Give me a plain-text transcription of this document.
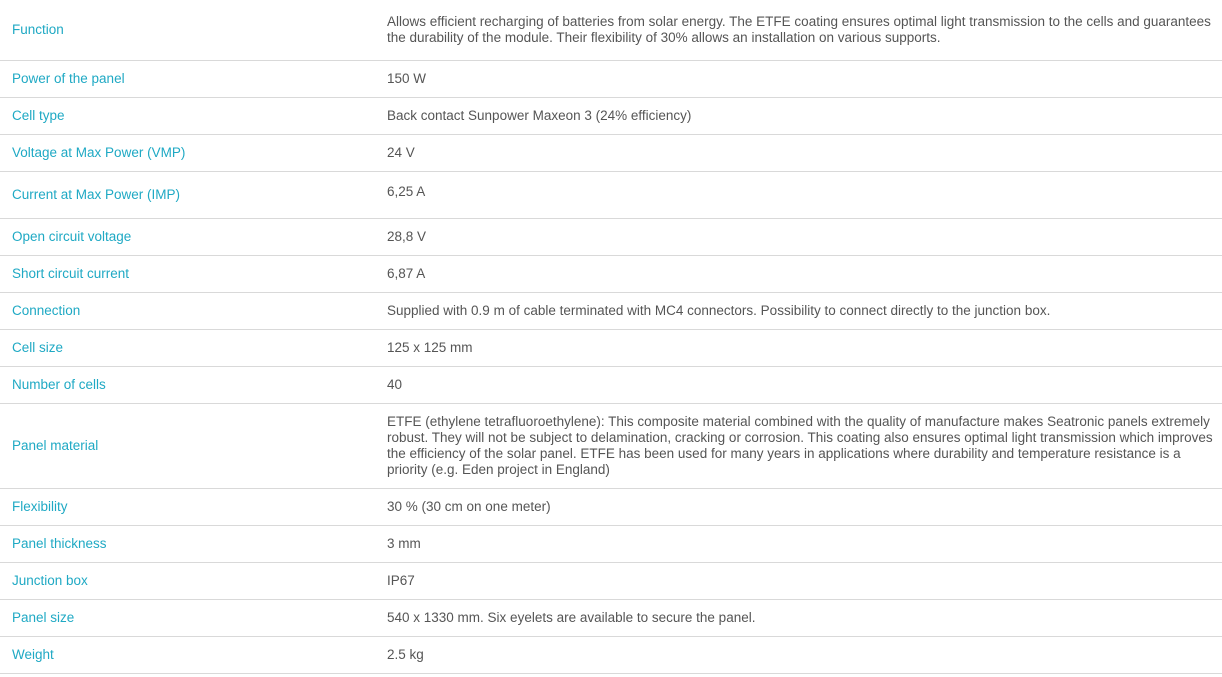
Function	Allows efficient recharging of batteries from solar energy. The ETFE coating ensures optimal light transmission to the cells and guarantees the durability of the module. Their flexibility of 30% allows an installation on various supports.
Power of the panel	150 W
Cell type	Back contact Sunpower Maxeon 3 (24% efficiency)
Voltage at Max Power (VMP)	24 V
Current at Max Power (IMP)	6,25 A
Open circuit voltage	28,8 V
Short circuit current	6,87 A
Connection	Supplied with 0.9 m of cable terminated with MC4 connectors. Possibility to connect directly to the junction box.
Cell size	125 x 125 mm
Number of cells	40
Panel material	ETFE (ethylene tetrafluoroethylene): This composite material combined with the quality of manufacture makes Seatronic panels extremely robust. They will not be subject to delamination, cracking or corrosion. This coating also ensures optimal light transmission which improves the efficiency of the solar panel. ETFE has been used for many years in applications where durability and temperature resistance is a priority (e.g. Eden project in England)
Flexibility	30 % (30 cm on one meter)
Panel thickness	3 mm
Junction box	IP67
Panel size	540 x 1330 mm. Six eyelets are available to secure the panel.
Weight	2.5 kg
